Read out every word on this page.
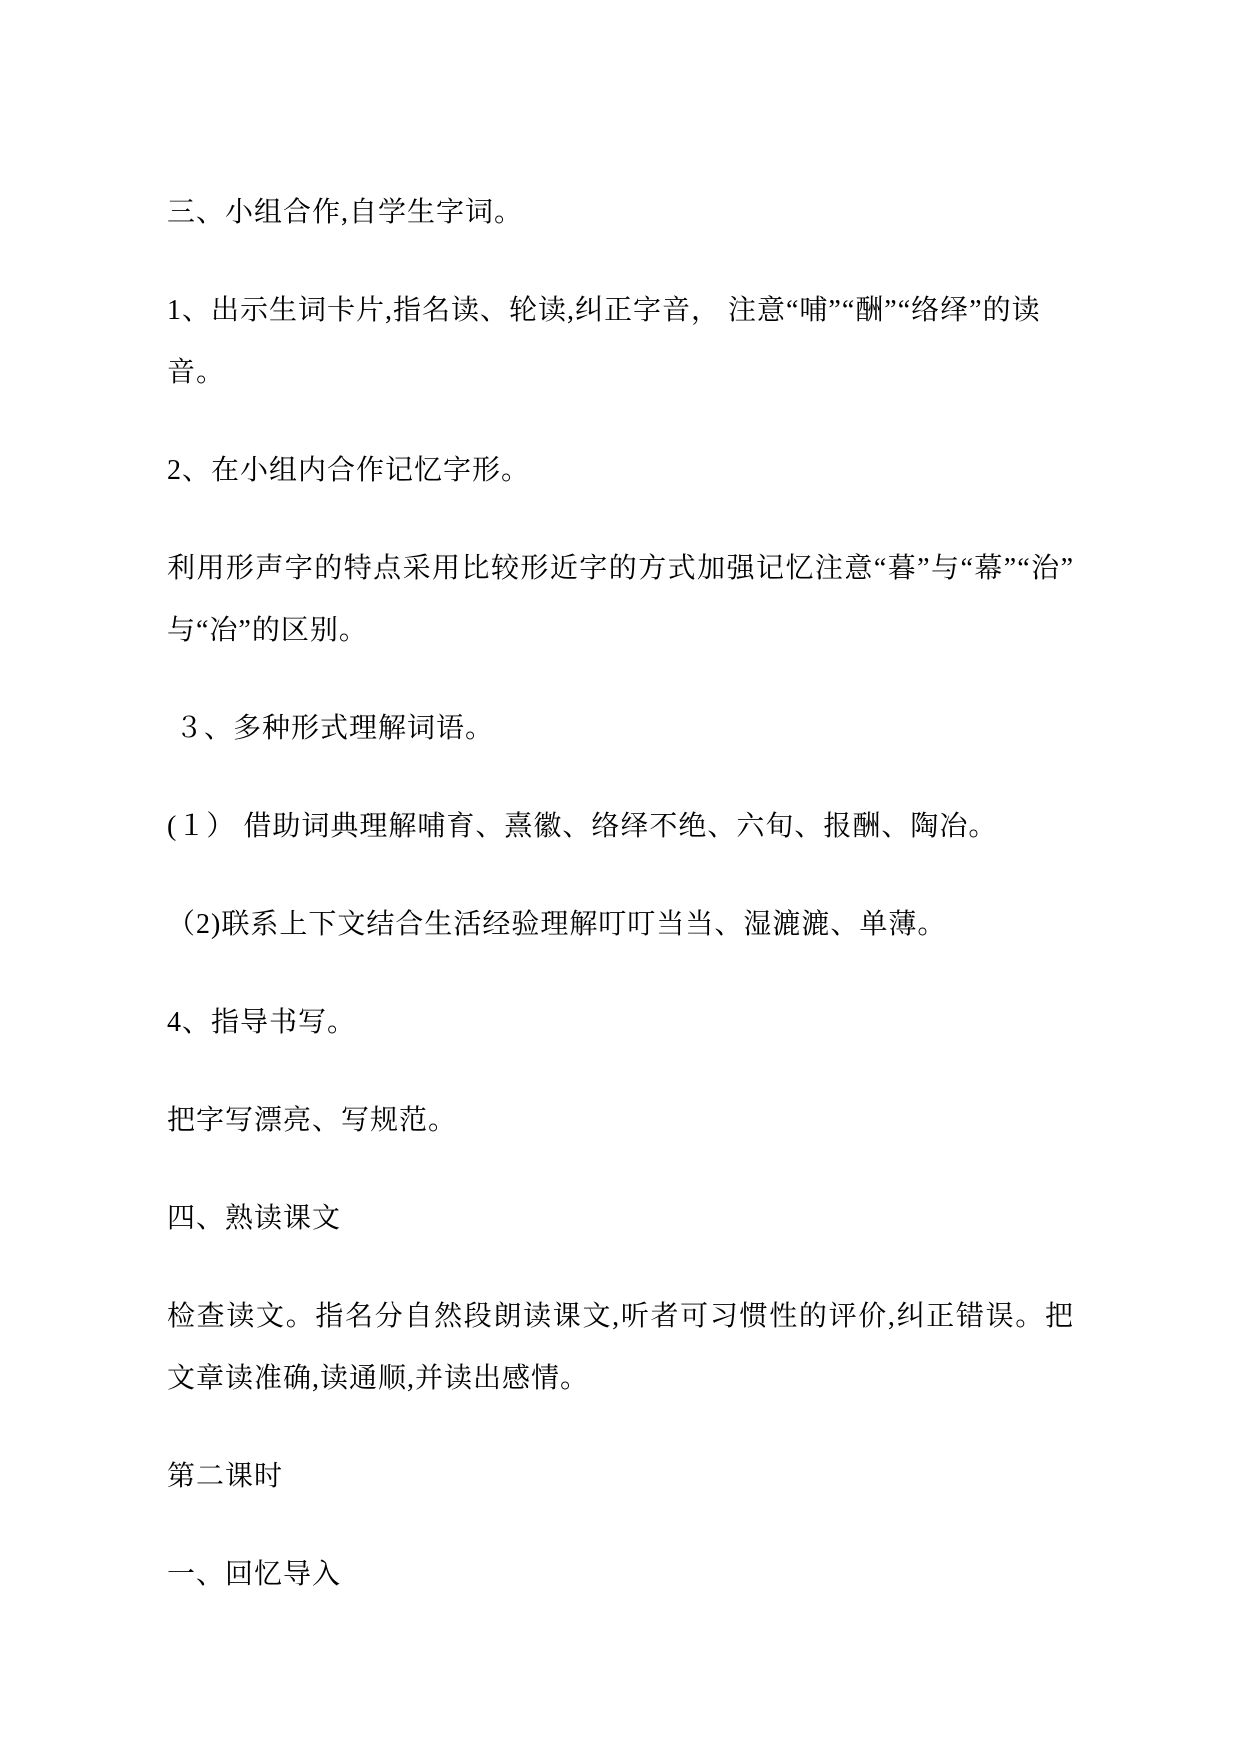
三、小组合作,自学生字词。
1、出示生词卡片,指名读、轮读,纠正字音， 注意“哺”“酬”“络绎”的读音。
2、在小组内合作记忆字形。
利用形声字的特点采用比较形近字的方式加强记忆注意“暮”与“幕”“治”
与“冶”的区别。
３、多种形式理解词语。
(１） 借助词典理解哺育、熹徽、络绎不绝、六旬、报酬、陶冶。
（2)联系上下文结合生活经验理解叮叮当当、湿漉漉、单薄。
4、指导书写。
把字写漂亮、写规范。
四、熟读课文
检查读文。指名分自然段朗读课文,听者可习惯性的评价,纠正错误。把
文章读准确,读通顺,并读出感情。
第二课时
一、回忆导入
